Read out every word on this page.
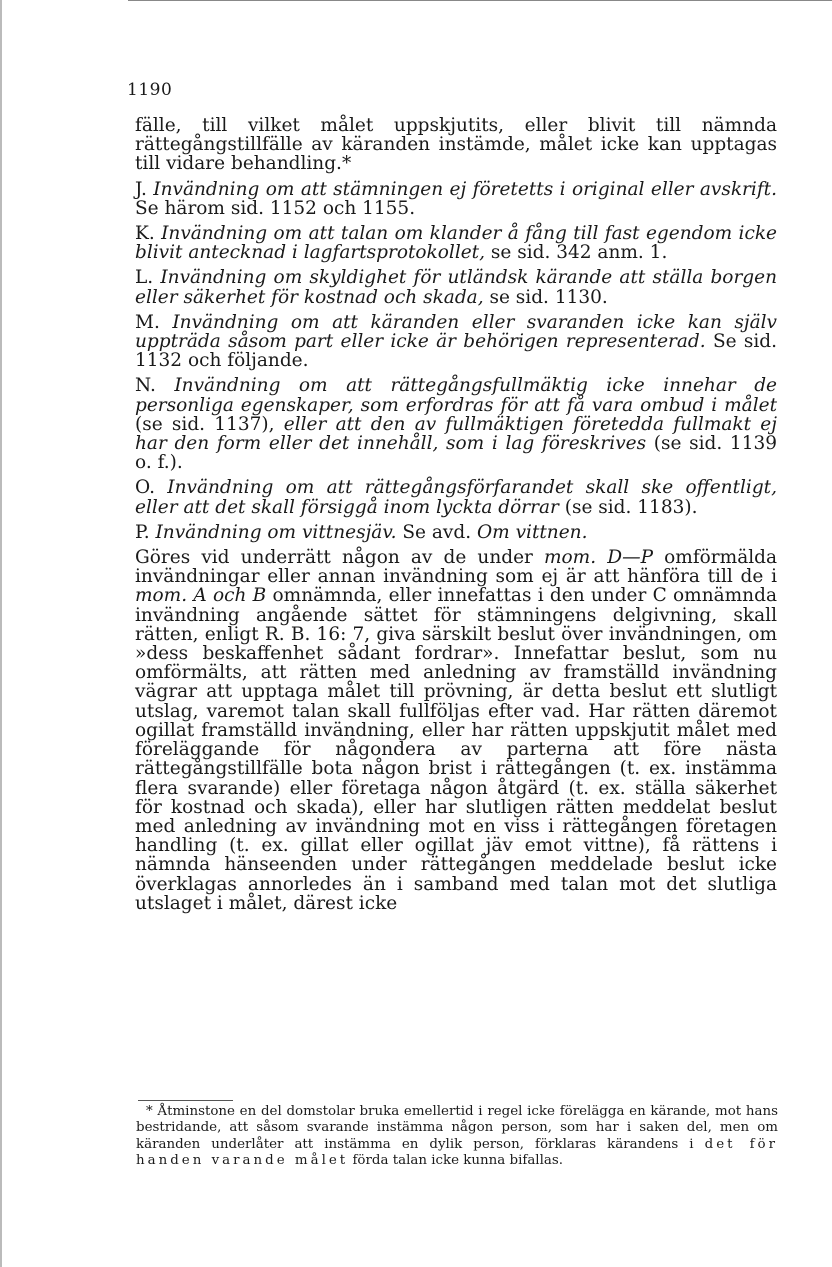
1190

fälle, till vilket målet uppskjutits, eller blivit till nämnda rättegångstillfälle av käranden instämde, målet icke kan upptagas till vidare behandling.*

J. Invändning om att stämningen ej företetts i original eller avskrift. Se härom sid. 1152 och 1155.

K. Invändning om att talan om klander å fång till fast egendom icke blivit antecknad i lagfartsprotokollet, se sid. 342 anm. 1.

L. Invändning om skyldighet för utländsk kärande att ställa borgen eller säkerhet för kostnad och skada, se sid. 1130.

M. Invändning om att käranden eller svaranden icke kan själv uppträda såsom part eller icke är behörigen representerad. Se sid. 1132 och följande.

N. Invändning om att rättegångsfullmäktig icke innehar de personliga egenskaper, som erfordras för att få vara ombud i målet (se sid. 1137), eller att den av fullmäktigen företedda fullmakt ej har den form eller det innehåll, som i lag föreskrives (se sid. 1139 o. f.).

O. Invändning om att rättegångsförfarandet skall ske offentligt, eller att det skall försiggå inom lyckta dörrar (se sid. 1183).

P. Invändning om vittnesjäv. Se avd. Om vittnen.

Göres vid underrätt någon av de under mom. D—P omförmälda invändningar eller annan invändning som ej är att hänföra till de i mom. A och B omnämnda, eller innefattas i den under C omnämnda invändning angående sättet för stämningens delgivning, skall rätten, enligt R. B. 16: 7, giva särskilt beslut över invändningen, om »dess beskaffenhet sådant fordrar». Innefattar beslut, som nu omförmälts, att rätten med anledning av framställd invändning vägrar att upptaga målet till prövning, är detta beslut ett slutligt utslag, varemot talan skall fullföljas efter vad. Har rätten däremot ogillat framställd invändning, eller har rätten uppskjutit målet med föreläggande för någondera av parterna att före nästa rättegångstillfälle bota någon brist i rättegången (t. ex. instämma flera svarande) eller företaga någon åtgärd (t. ex. ställa säkerhet för kostnad och skada), eller har slutligen rätten meddelat beslut med anledning av invändning mot en viss i rättegången företagen handling (t. ex. gillat eller ogillat jäv emot vittne), få rättens i nämnda hänseenden under rättegången meddelade beslut icke överklagas annorledes än i samband med talan mot det slutliga utslaget i målet, därest icke

* Åtminstone en del domstolar bruka emellertid i regel icke förelägga en kärande, mot hans bestridande, att såsom svarande instämma någon person, som har i saken del, men om käranden underlåter att instämma en dylik person, förklaras kärandens i det för handen varande målet förda talan icke kunna bifallas.
